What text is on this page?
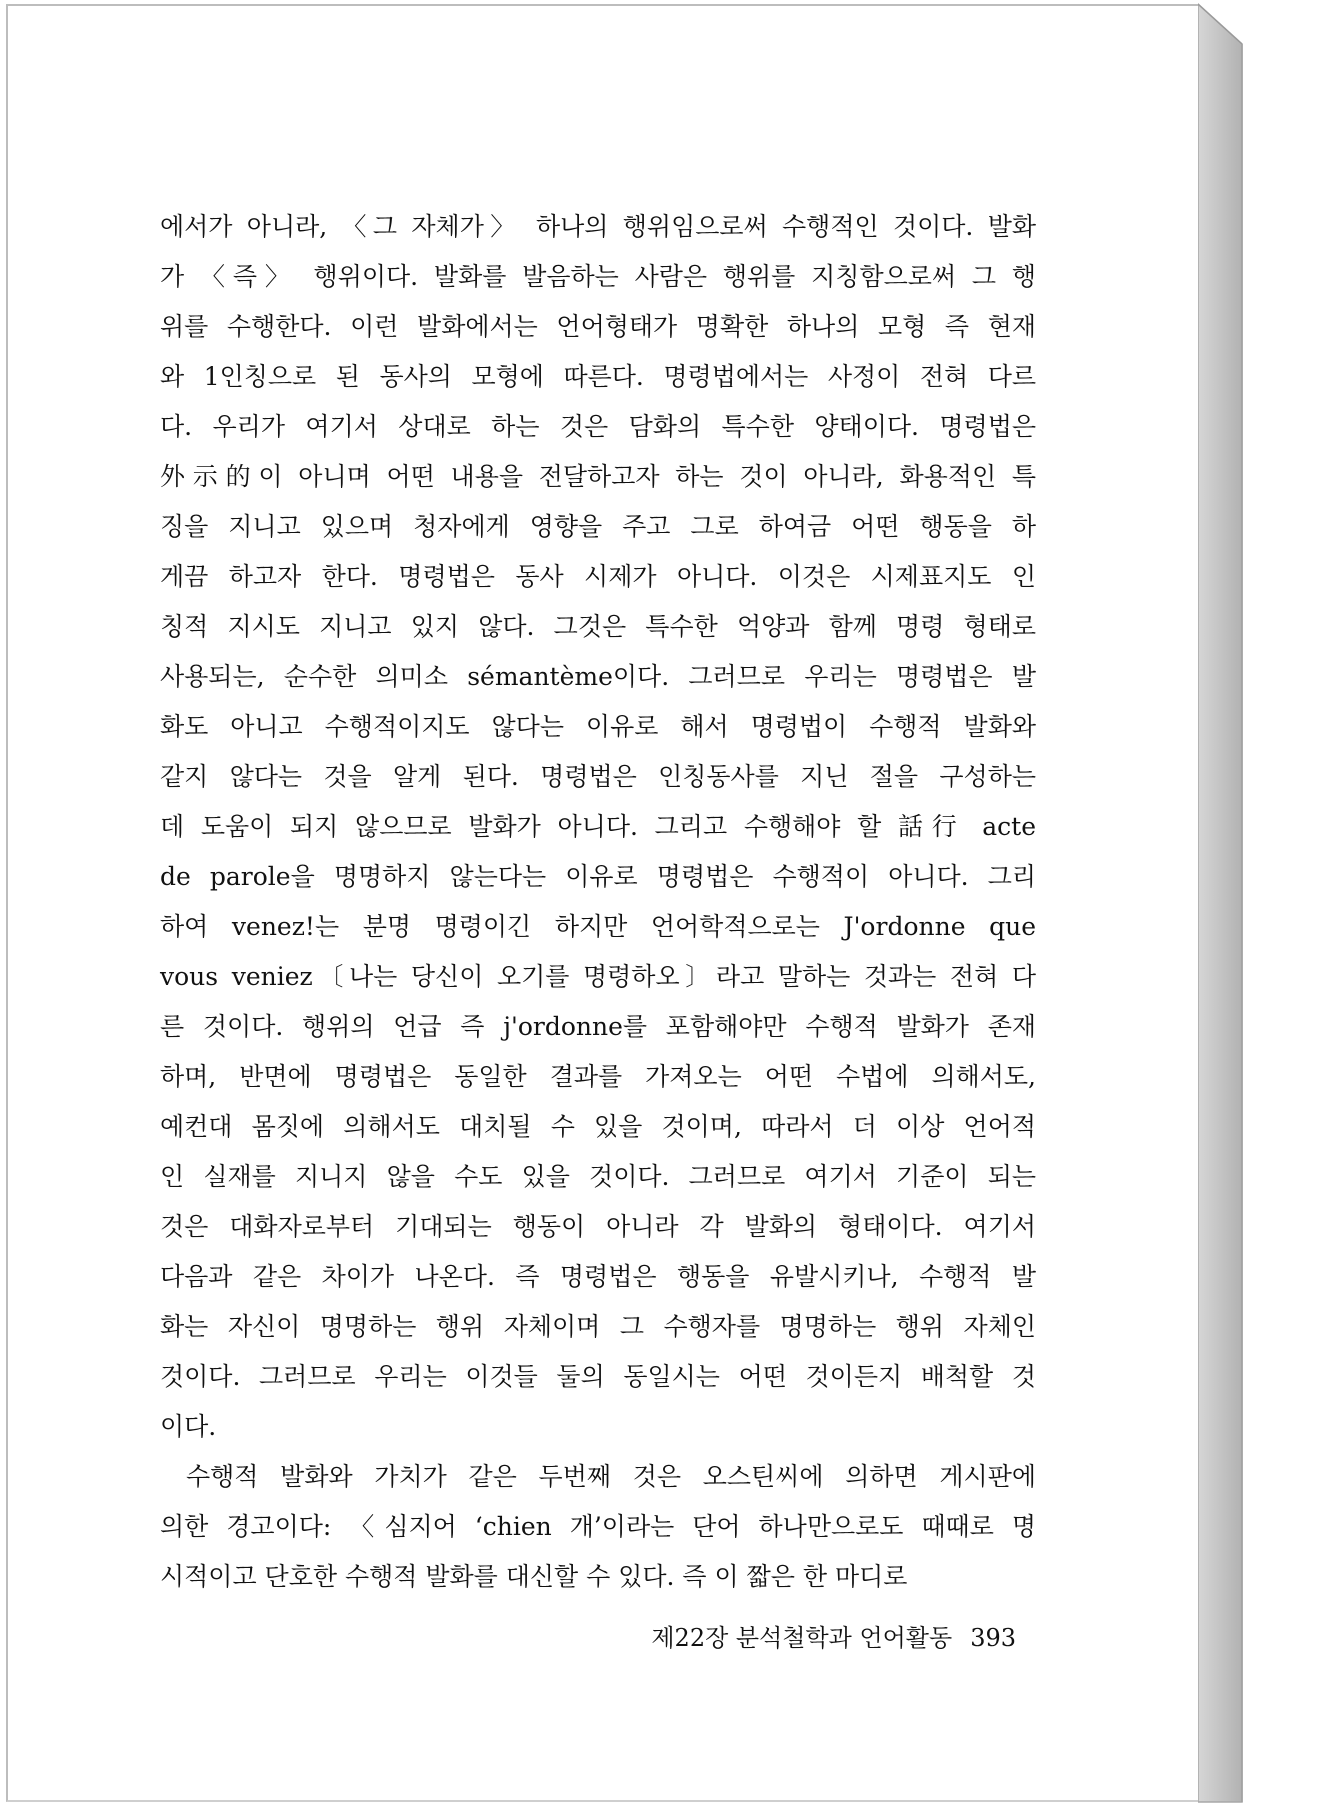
에서가 아니라, 〈그 자체가〉 하나의 행위임으로써 수행적인 것이다. 발화
가 〈즉〉 행위이다. 발화를 발음하는 사람은 행위를 지칭함으로써 그 행
위를 수행한다. 이런 발화에서는 언어형태가 명확한 하나의 모형 즉 현재
와 1인칭으로 된 동사의 모형에 따른다. 명령법에서는 사정이 전혀 다르
다. 우리가 여기서 상대로 하는 것은 담화의 특수한 양태이다. 명령법은
外示的이 아니며 어떤 내용을 전달하고자 하는 것이 아니라, 화용적인 특
징을 지니고 있으며 청자에게 영향을 주고 그로 하여금 어떤 행동을 하
게끔 하고자 한다. 명령법은 동사 시제가 아니다. 이것은 시제표지도 인
칭적 지시도 지니고 있지 않다. 그것은 특수한 억양과 함께 명령 형태로
사용되는, 순수한 의미소 sémantème이다. 그러므로 우리는 명령법은 발
화도 아니고 수행적이지도 않다는 이유로 해서 명령법이 수행적 발화와
같지 않다는 것을 알게 된다. 명령법은 인칭동사를 지닌 절을 구성하는
데 도움이 되지 않으므로 발화가 아니다. 그리고 수행해야 할 話行 acte
de parole을 명명하지 않는다는 이유로 명령법은 수행적이 아니다. 그리
하여 venez!는 분명 명령이긴 하지만 언어학적으로는 J'ordonne que
vous veniez〔나는 당신이 오기를 명령하오〕라고 말하는 것과는 전혀 다
른 것이다. 행위의 언급 즉 j'ordonne를 포함해야만 수행적 발화가 존재
하며, 반면에 명령법은 동일한 결과를 가져오는 어떤 수법에 의해서도,
예컨대 몸짓에 의해서도 대치될 수 있을 것이며, 따라서 더 이상 언어적
인 실재를 지니지 않을 수도 있을 것이다. 그러므로 여기서 기준이 되는
것은 대화자로부터 기대되는 행동이 아니라 각 발화의 형태이다. 여기서
다음과 같은 차이가 나온다. 즉 명령법은 행동을 유발시키나, 수행적 발
화는 자신이 명명하는 행위 자체이며 그 수행자를 명명하는 행위 자체인
것이다. 그러므로 우리는 이것들 둘의 동일시는 어떤 것이든지 배척할 것
이다.
수행적 발화와 가치가 같은 두번째 것은 오스틴씨에 의하면 게시판에
의한 경고이다: 〈심지어 ‘chien 개’이라는 단어 하나만으로도 때때로 명
시적이고 단호한 수행적 발화를 대신할 수 있다. 즉 이 짧은 한 마디로
제22장 분석철학과 언어활동 393
